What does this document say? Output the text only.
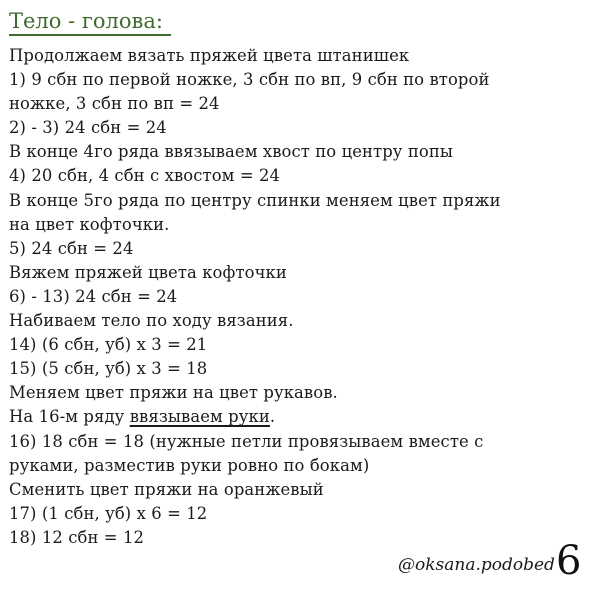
Тело - голова:
Продолжаем вязать пряжей цвета штанишек
1) 9 сбн по первой ножке, 3 сбн по вп, 9 сбн по второй
ножке, 3 сбн по вп = 24
2) - 3) 24 сбн = 24
В конце 4го ряда ввязываем хвост по центру попы
4) 20 сбн, 4 сбн с хвостом = 24
В конце 5го ряда по центру спинки меняем цвет пряжи
на цвет кофточки.
5) 24 сбн = 24
Вяжем пряжей цвета кофточки
6) - 13) 24 сбн = 24
Набиваем тело по ходу вязания.
14) (6 сбн, уб) х 3 = 21
15) (5 сбн, уб) х 3 = 18
Меняем цвет пряжи на цвет рукавов.
На 16-м ряду ввязываем руки.
16) 18 сбн = 18 (нужные петли провязываем вместе с
руками, разместив руки ровно по бокам)
Сменить цвет пряжи на оранжевый
17) (1 сбн, уб) х 6 = 12
18) 12 сбн = 12
@oksana.podobed 6
